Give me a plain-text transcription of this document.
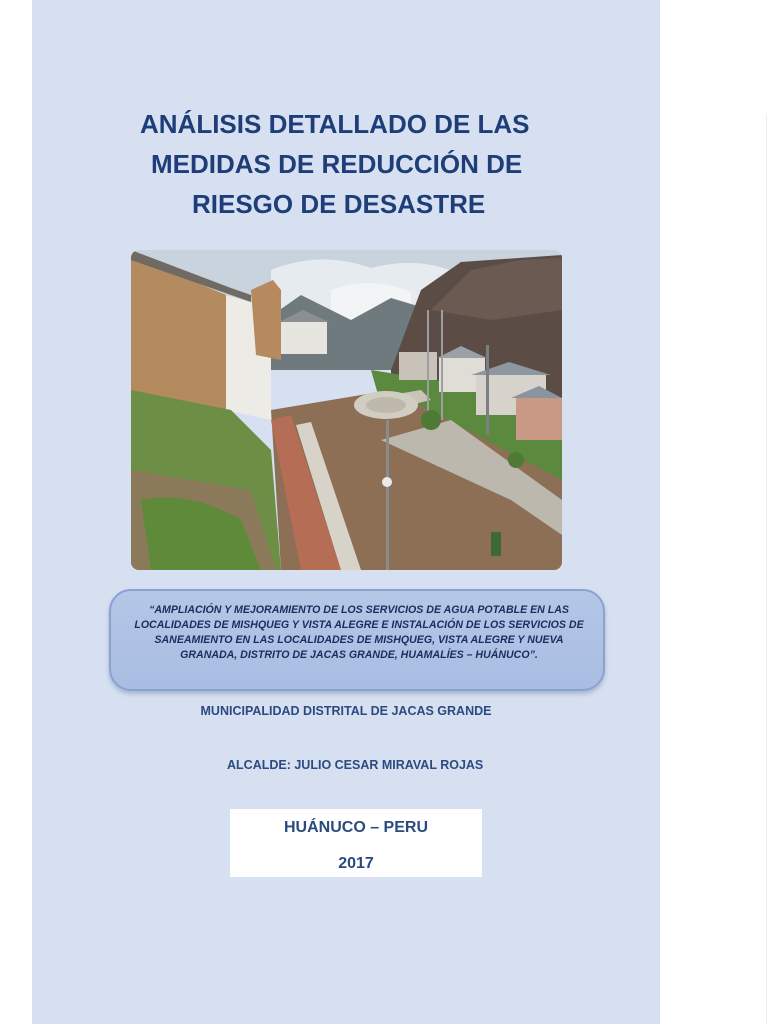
ANÁLISIS DETALLADO DE LAS
MEDIDAS DE REDUCCIÓN DE
RIESGO DE DESASTRE
“AMPLIACIÓN Y MEJORAMIENTO DE LOS SERVICIOS DE AGUA POTABLE EN LAS LOCALIDADES DE MISHQUEG Y VISTA ALEGRE E INSTALACIÓN DE LOS SERVICIOS DE SANEAMIENTO EN LAS LOCALIDADES DE MISHQUEG, VISTA ALEGRE Y NUEVA GRANADA, DISTRITO DE JACAS GRANDE, HUAMALÍES – HUÁNUCO”.
MUNICIPALIDAD DISTRITAL DE JACAS GRANDE
ALCALDE: JULIO CESAR MIRAVAL ROJAS
HUÁNUCO – PERU
2017
